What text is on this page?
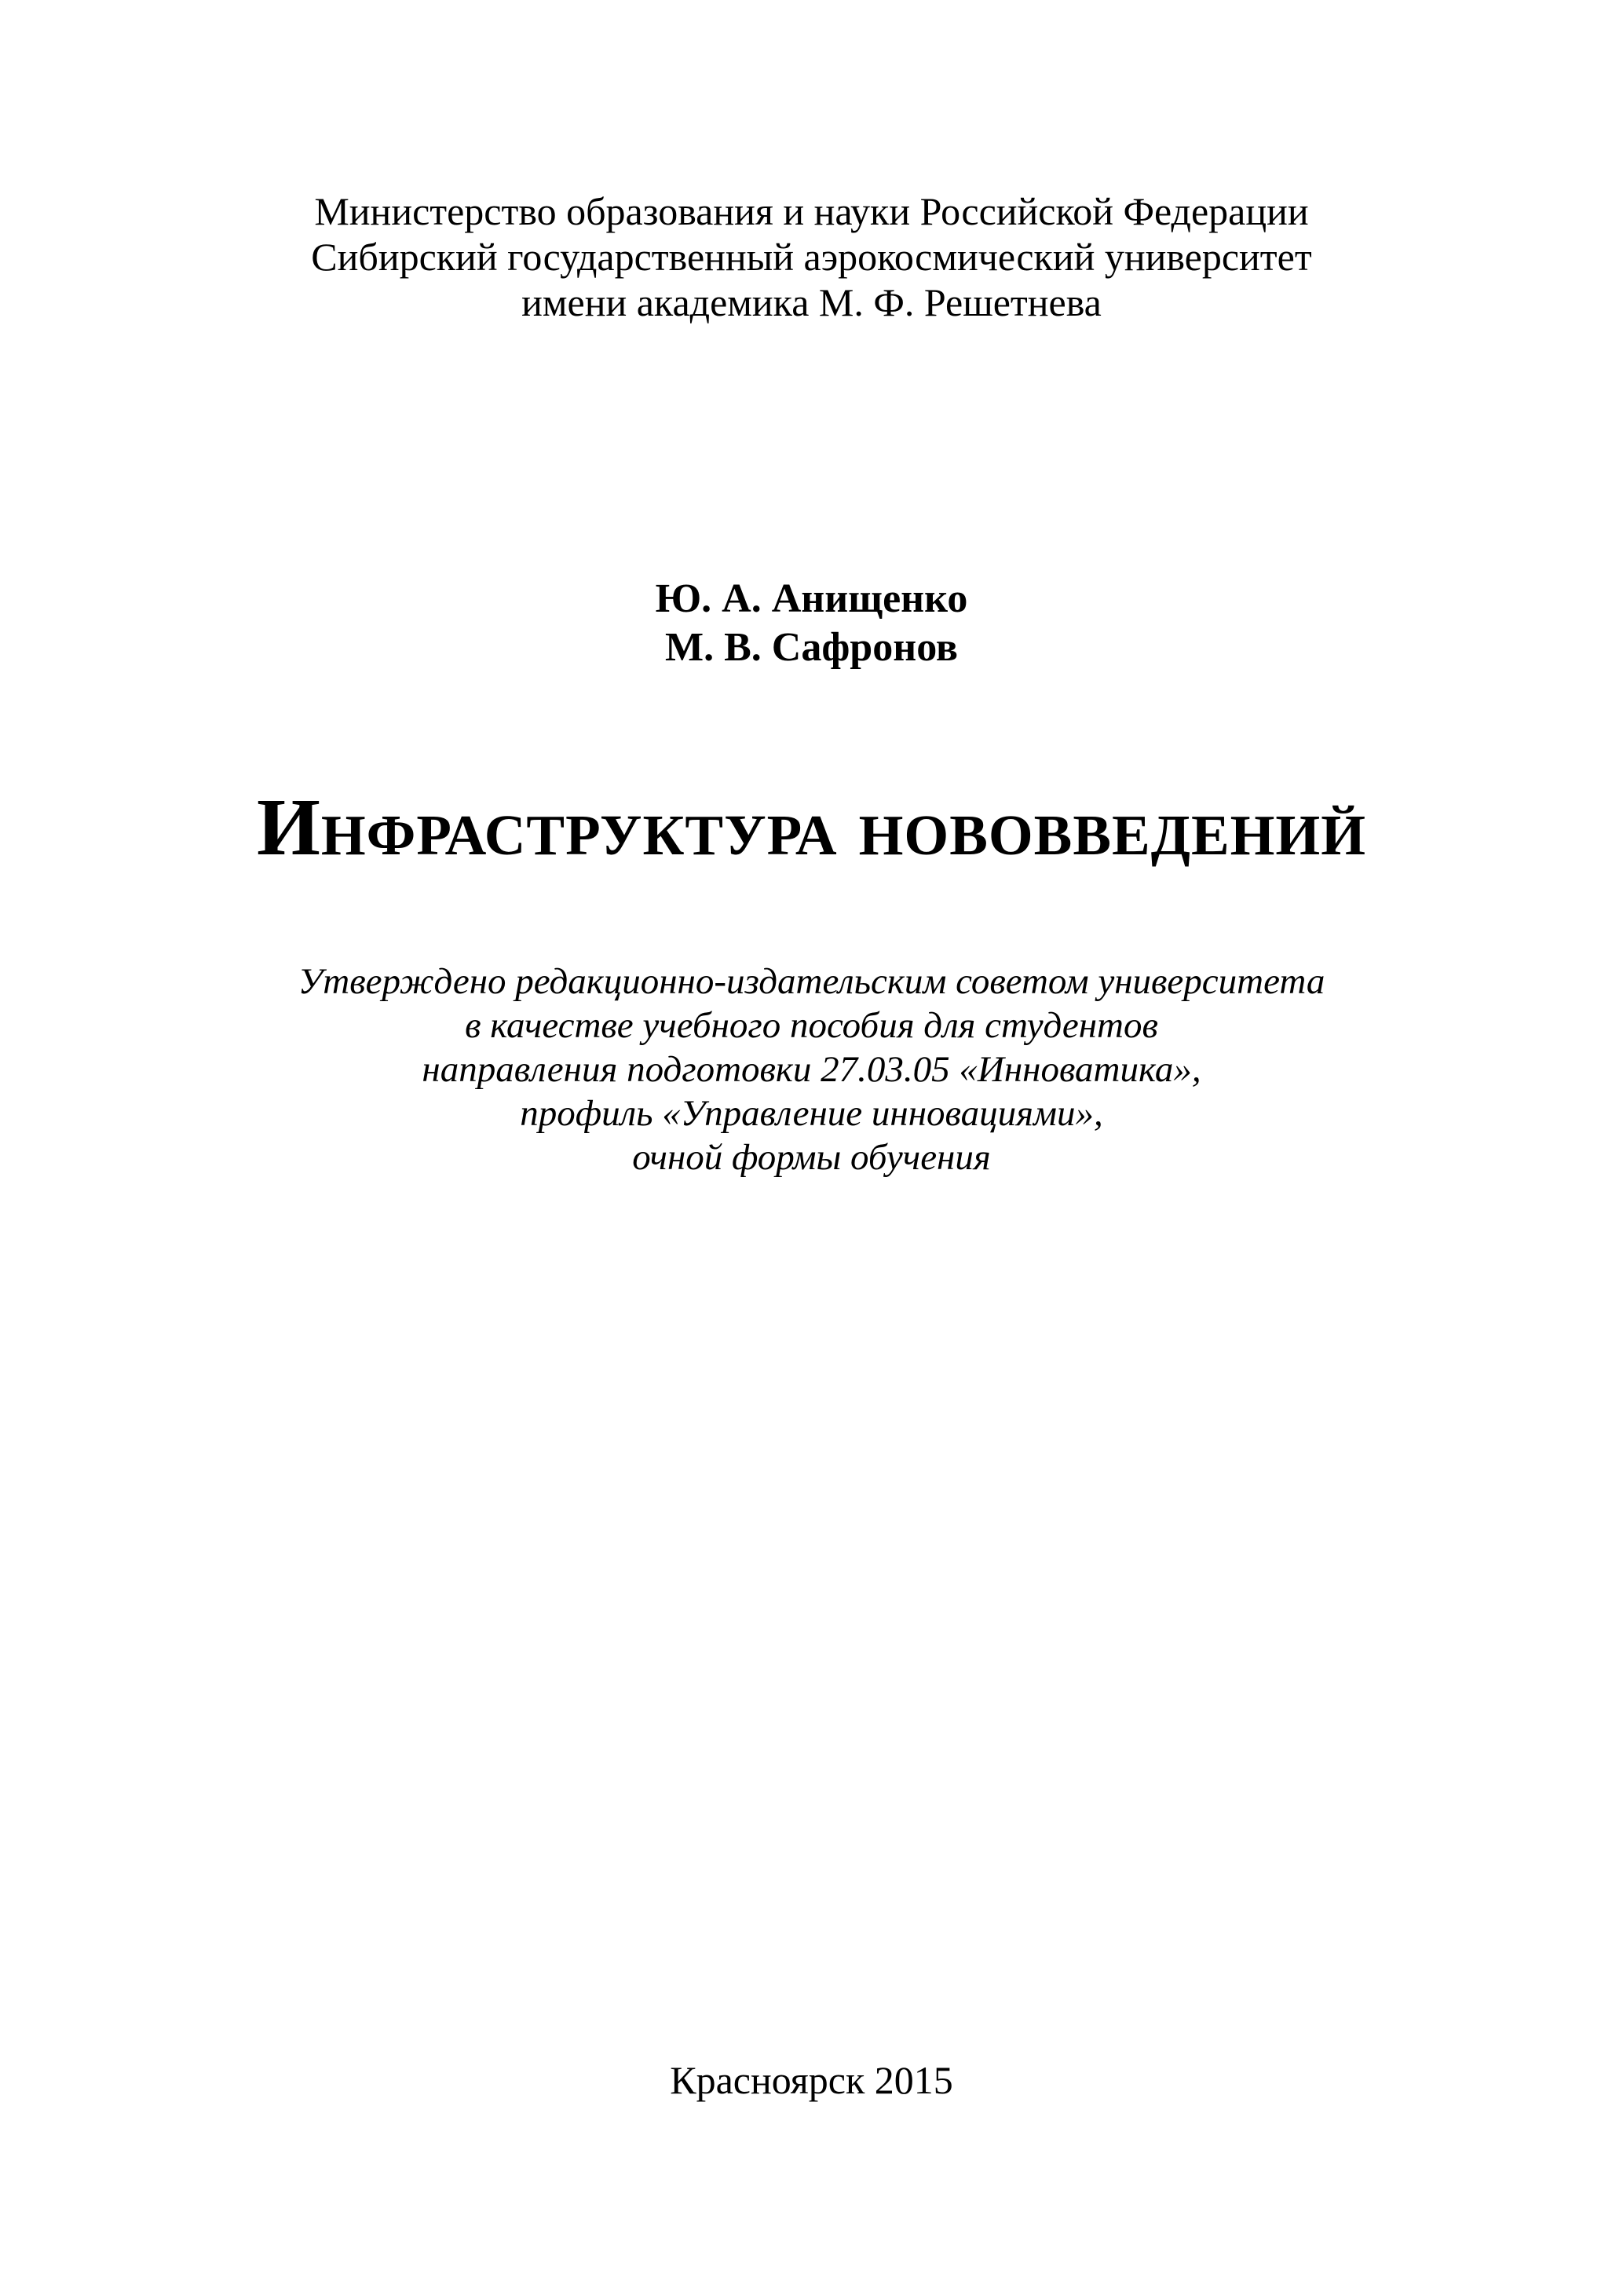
Министерство образования и науки Российской Федерации
Сибирский государственный аэрокосмический университет
имени академика М. Ф. Решетнева
Ю. А. Анищенко
М. В. Сафронов
Инфраструктура нововведений
Утверждено редакционно-издательским советом университета
в качестве учебного пособия для студентов
направления подготовки 27.03.05 «Инноватика»,
профиль «Управление инновациями»,
очной формы обучения
Красноярск 2015
